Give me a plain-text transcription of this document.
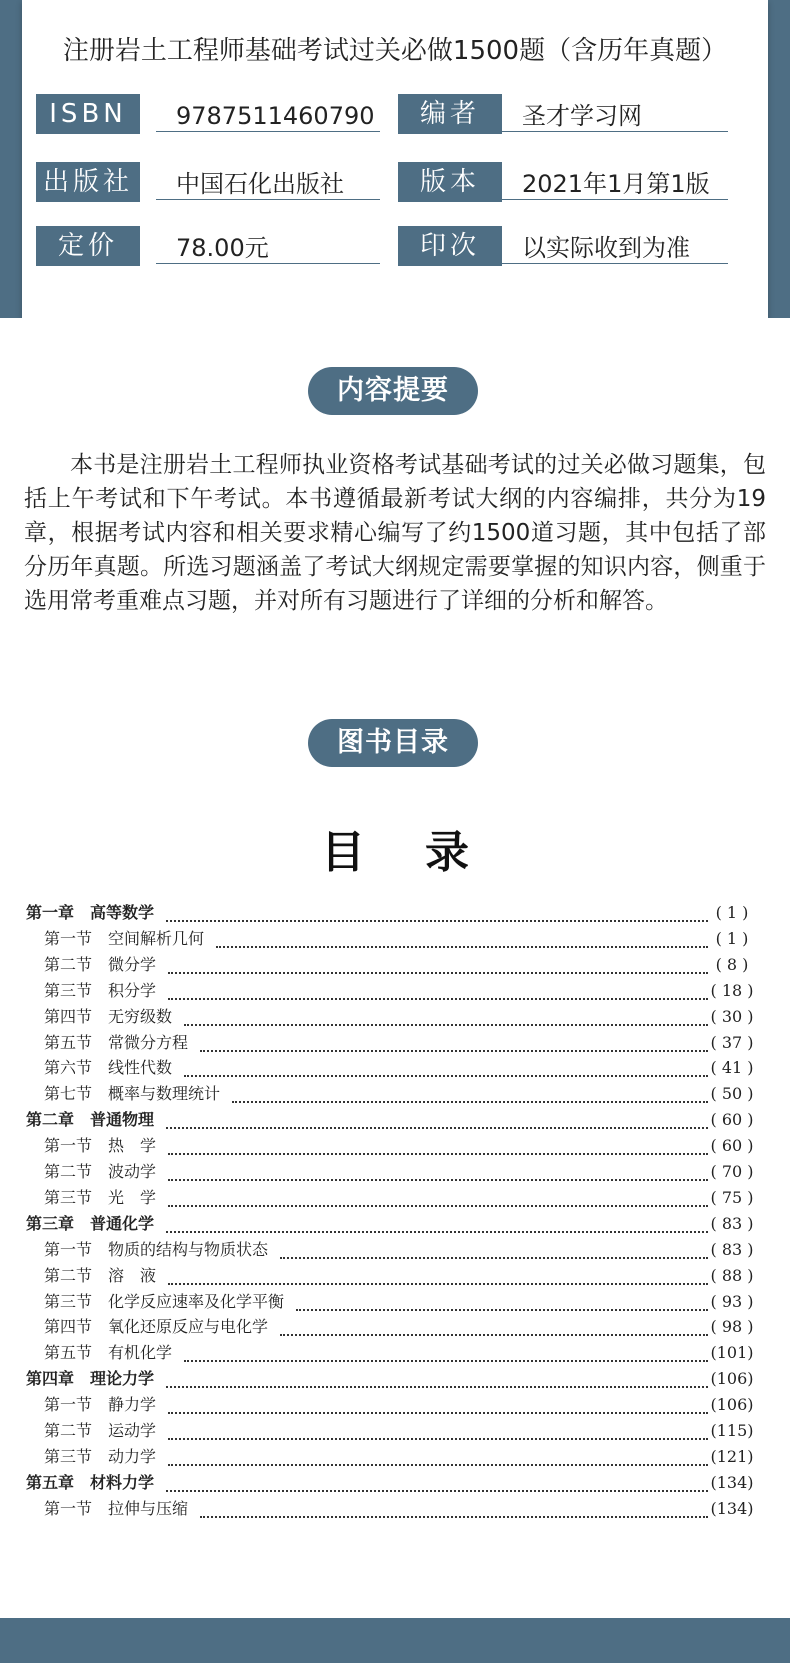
注册岩土工程师基础考试过关必做1500题（含历年真题）
ISBN	9787511460790	编者	圣才学习网
出版社	中国石化出版社	版本	2021年1月第1版
定价	78.00元	印次	以实际收到为准
内容提要

本书是注册岩土工程师执业资格考试基础考试的过关必做习题集，包括上午考试和下午考试。本书遵循最新考试大纲的内容编排，共分为19章，根据考试内容和相关要求精心编写了约1500道习题，其中包括了部分历年真题。所选习题涵盖了考试大纲规定需要掌握的知识内容，侧重于选用常考重难点习题，并对所有习题进行了详细的分析和解答。

图书目录
目录
第一章　高等数学	( 1 )
第一节　空间解析几何	( 1 )
第二节　微分学	( 8 )
第三节　积分学	( 18 )
第四节　无穷级数	( 30 )
第五节　常微分方程	( 37 )
第六节　线性代数	( 41 )
第七节　概率与数理统计	( 50 )
第二章　普通物理	( 60 )
第一节　热　学	( 60 )
第二节　波动学	( 70 )
第三节　光　学	( 75 )
第三章　普通化学	( 83 )
第一节　物质的结构与物质状态	( 83 )
第二节　溶　液	( 88 )
第三节　化学反应速率及化学平衡	( 93 )
第四节　氧化还原反应与电化学	( 98 )
第五节　有机化学	(101)
第四章　理论力学	(106)
第一节　静力学	(106)
第二节　运动学	(115)
第三节　动力学	(121)
第五章　材料力学	(134)
第一节　拉伸与压缩	(134)
